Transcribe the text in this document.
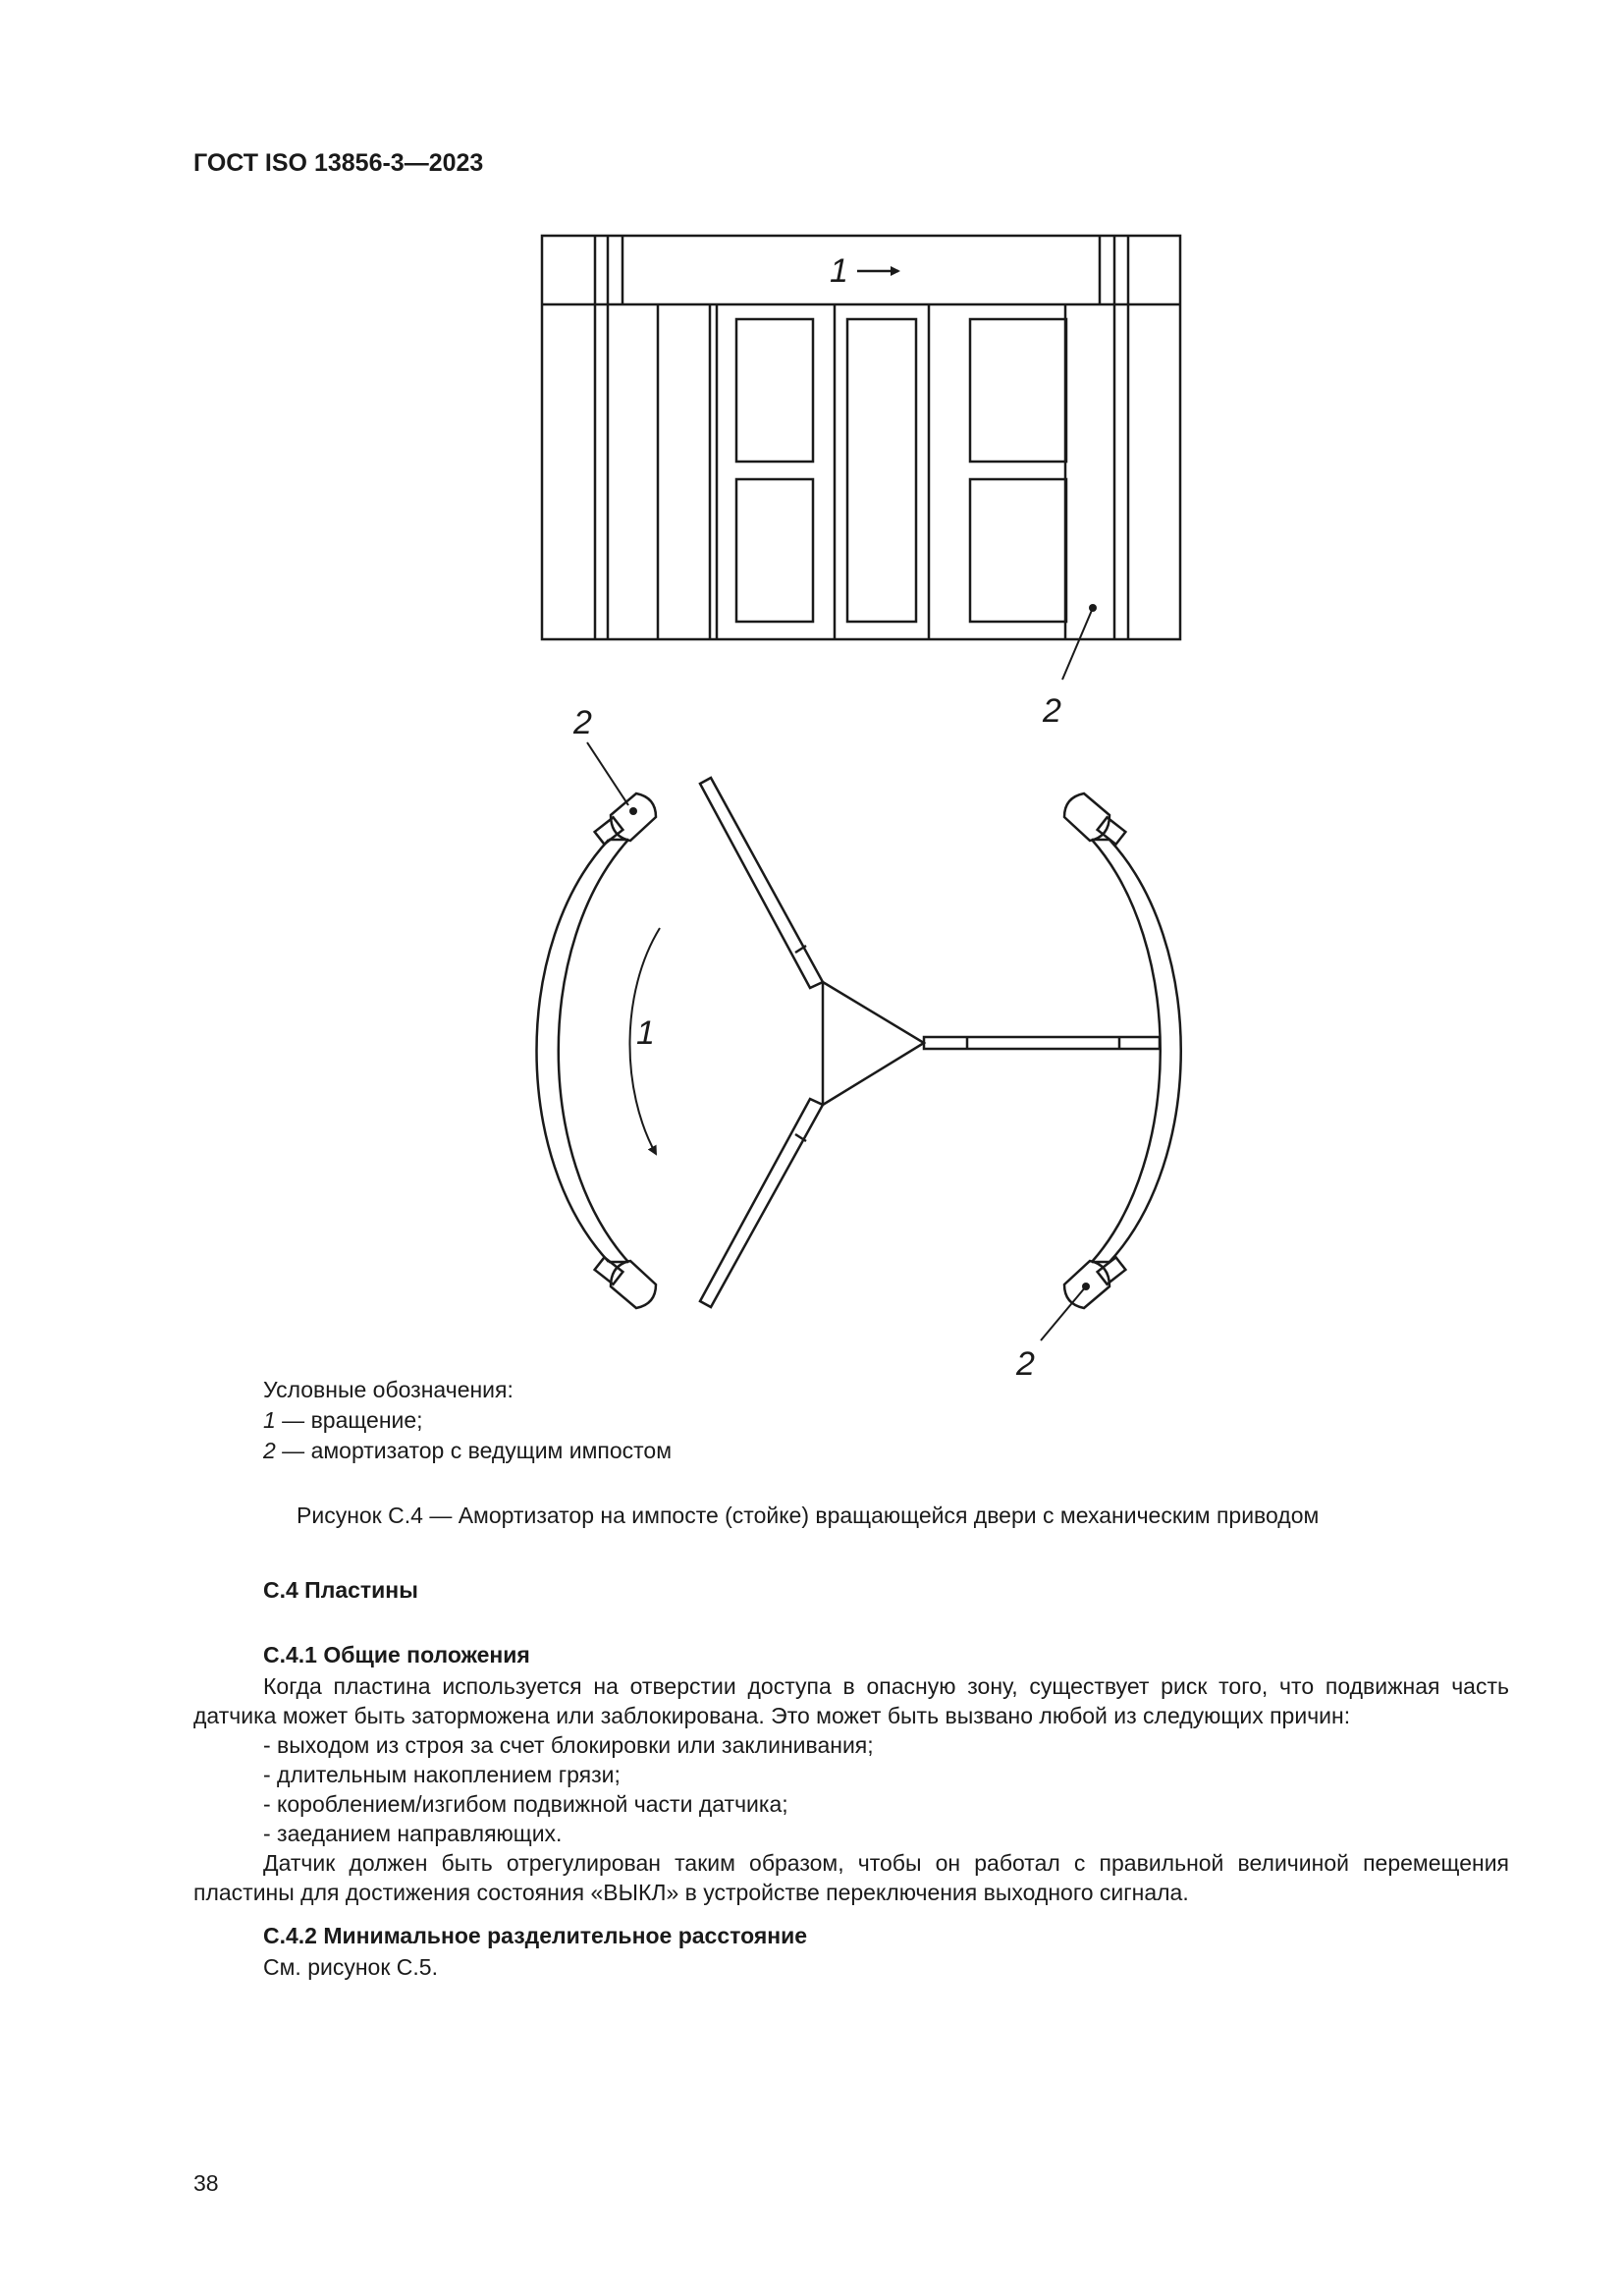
ГОСТ ISO 13856-3—2023
1
2
1
2
2
Условные обозначения:
1 — вращение;
2 — амортизатор с ведущим импостом
Рисунок С.4 — Амортизатор на импосте (стойке) вращающейся двери с механическим приводом
С.4 Пластины
С.4.1 Общие положения
Когда пластина используется на отверстии доступа в опасную зону, существует риск того, что подвижная часть датчика может быть заторможена или заблокирована. Это может быть вызвано любой из следующих причин:
- выходом из строя за счет блокировки или заклинивания;
- длительным накоплением грязи;
- короблением/изгибом подвижной части датчика;
- заеданием направляющих.
Датчик должен быть отрегулирован таким образом, чтобы он работал с правильной величиной перемещения пластины для достижения состояния «ВЫКЛ» в устройстве переключения выходного сигнала.
С.4.2 Минимальное разделительное расстояние
См. рисунок С.5.
38
